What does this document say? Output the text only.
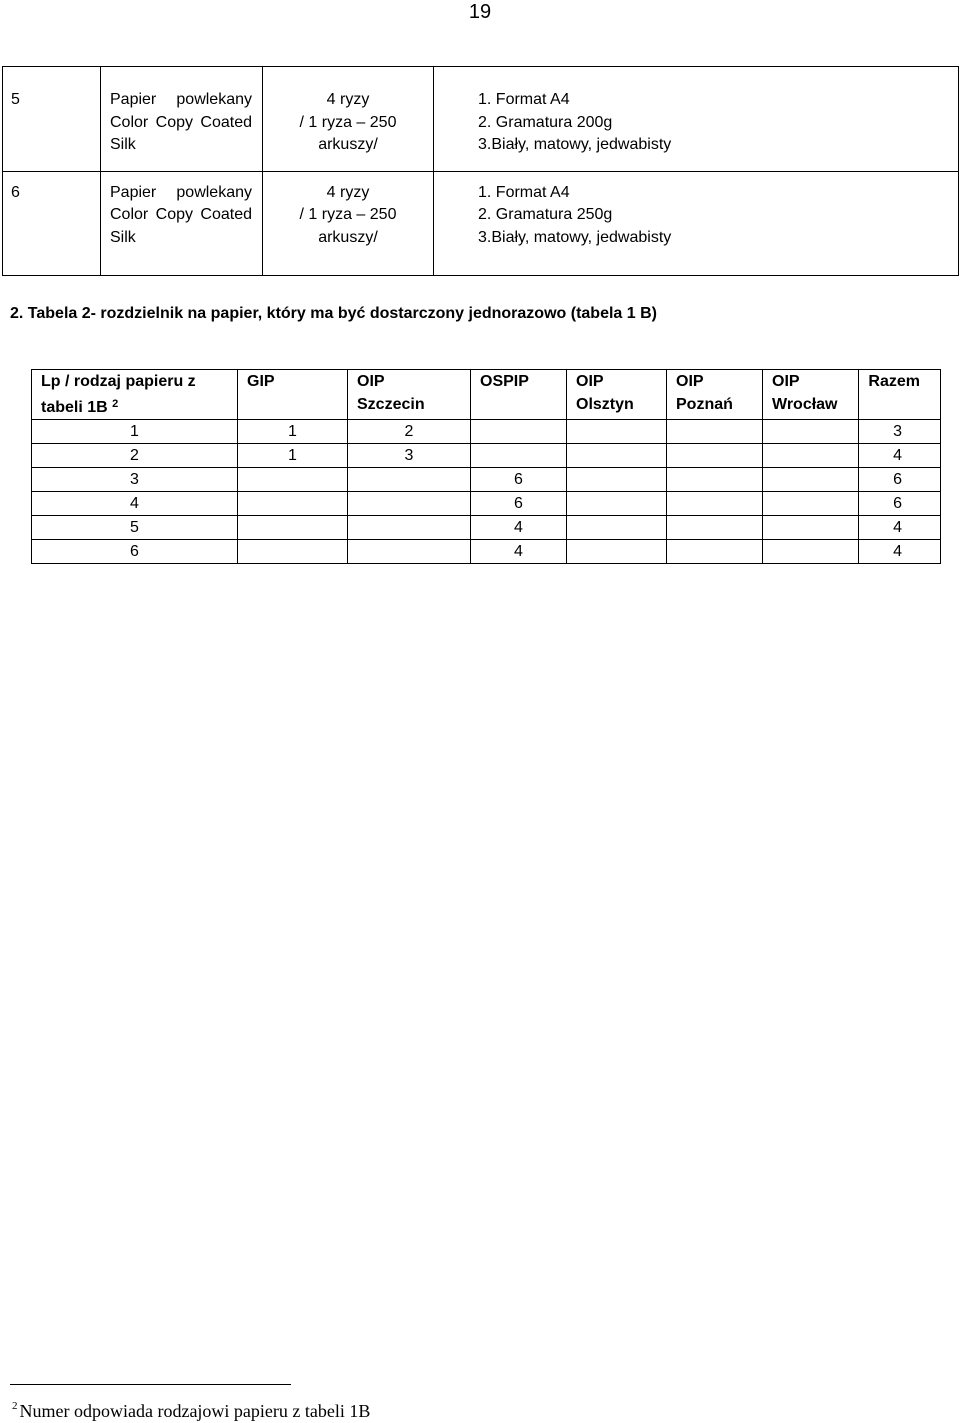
19

5	Papier powlekany
Color Copy Coated
Silk	4 ryzy
/ 1 ryza – 250
arkuszy/	1. Format A4
2. Gramatura 200g
3.Biały, matowy, jedwabisty

6	Papier powlekany
Color Copy Coated
Silk	4 ryzy
/ 1 ryza – 250
arkuszy/	1. Format A4
2. Gramatura 250g
3.Biały, matowy, jedwabisty
2. Tabela 2- rozdzielnik na papier, który ma być dostarczony jednorazowo (tabela 1 B)
Lp / rodzaj papieru z
tabeli 1B $^2$	GIP	OIP
Szczecin	OSPIP	OIP
Olsztyn	OIP
Poznań	OIP
Wrocław	Razem
1	1	2					3
2	1	3					4
3			6				6
4			6				6
5			4				4
6			4				4
$^2$ Numer odpowiada rodzajowi papieru z tabeli 1B
